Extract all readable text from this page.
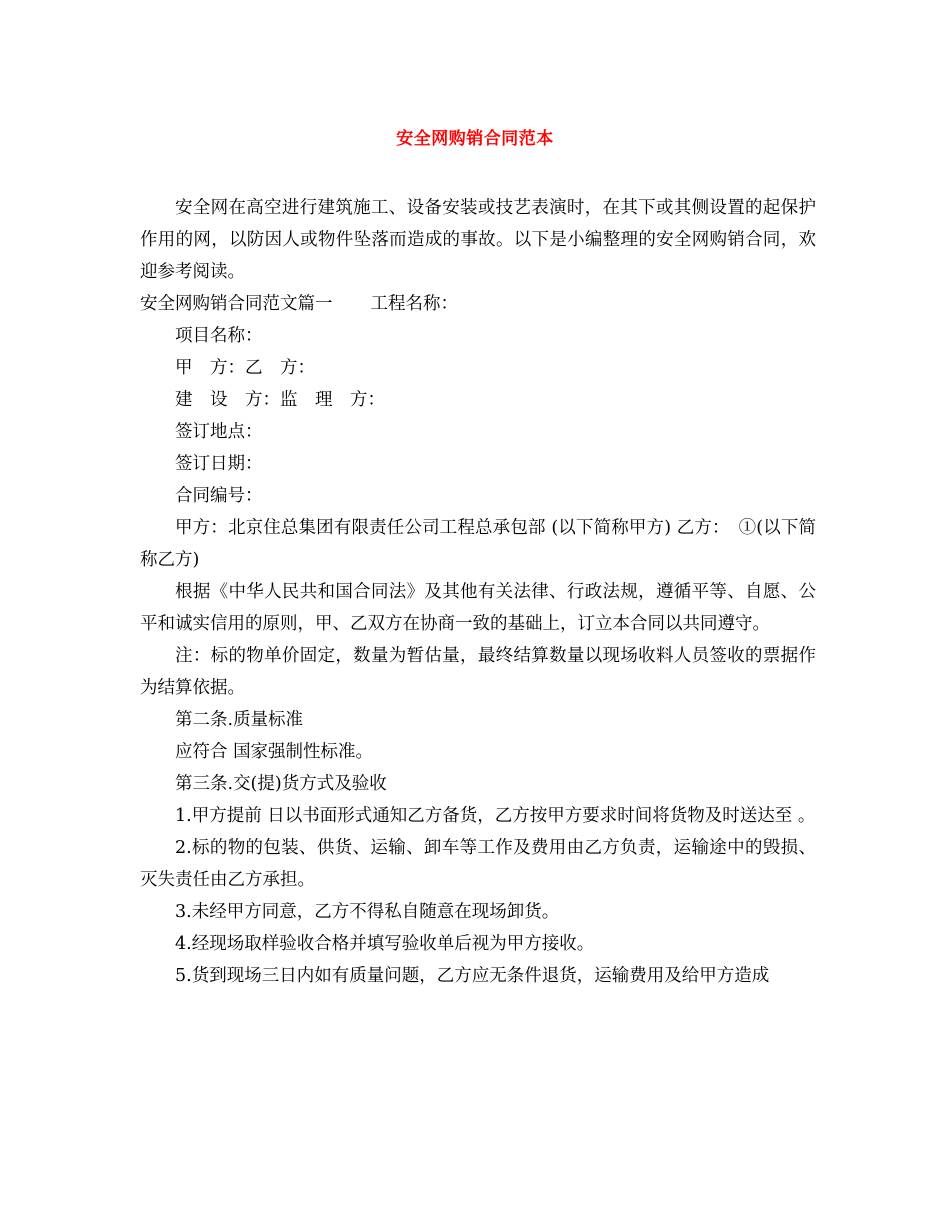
安全网购销合同范本

安全网在高空进行建筑施工、设备安装或技艺表演时，在其下或其侧设置的起保护作用的网，以防因人或物件坠落而造成的事故。以下是小编整理的安全网购销合同，欢迎参考阅读。

安全网购销合同范文篇一 工程名称：

项目名称：

甲　方：乙　方：

建　设　方：监　理　方：

签订地点：

签订日期：

合同编号：

甲方：北京住总集团有限责任公司工程总承包部 (以下简称甲方) 乙方：　①(以下简称乙方)

根据《中华人民共和国合同法》及其他有关法律、行政法规，遵循平等、自愿、公平和诚实信用的原则，甲、乙双方在协商一致的基础上，订立本合同以共同遵守。

注：标的物单价固定，数量为暂估量，最终结算数量以现场收料人员签收的票据作为结算依据。

第二条.质量标准

应符合 国家强制性标准。

第三条.交(提)货方式及验收

1.甲方提前 日以书面形式通知乙方备货，乙方按甲方要求时间将货物及时送达至 。

2.标的物的包装、供货、运输、卸车等工作及费用由乙方负责，运输途中的毁损、灭失责任由乙方承担。

3.未经甲方同意，乙方不得私自随意在现场卸货。

4.经现场取样验收合格并填写验收单后视为甲方接收。

5.货到现场三日内如有质量问题，乙方应无条件退货，运输费用及给甲方造成
